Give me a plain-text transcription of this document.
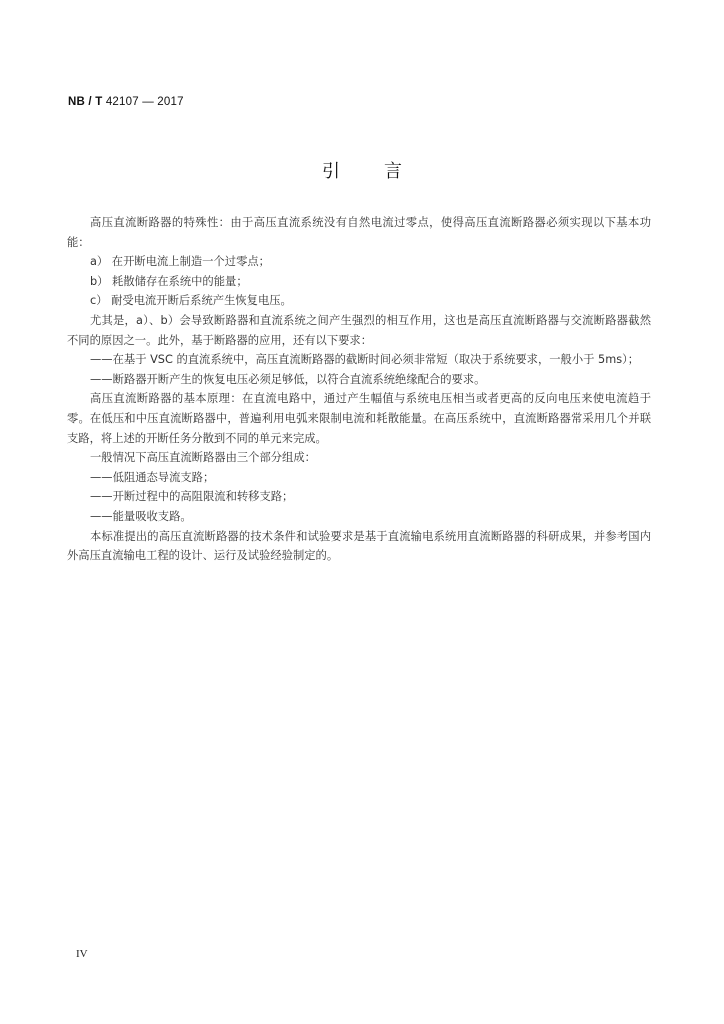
NB / T 42107 — 2017
引 言

高压直流断路器的特殊性：由于高压直流系统没有自然电流过零点，使得高压直流断路器必须实现以下基本功能：

a） 在开断电流上制造一个过零点；

b） 耗散储存在系统中的能量；

c） 耐受电流开断后系统产生恢复电压。

尤其是，a）、b）会导致断路器和直流系统之间产生强烈的相互作用，这也是高压直流断路器与交流断路器截然不同的原因之一。此外，基于断路器的应用，还有以下要求：

——在基于 VSC 的直流系统中，高压直流断路器的截断时间必须非常短（取决于系统要求，一般小于 5ms）；

——断路器开断产生的恢复电压必须足够低，以符合直流系统绝缘配合的要求。

高压直流断路器的基本原理：在直流电路中，通过产生幅值与系统电压相当或者更高的反向电压来使电流趋于零。在低压和中压直流断路器中，普遍利用电弧来限制电流和耗散能量。在高压系统中，直流断路器常采用几个并联支路，将上述的开断任务分散到不同的单元来完成。

一般情况下高压直流断路器由三个部分组成：

——低阻通态导流支路；

——开断过程中的高阻限流和转移支路；

——能量吸收支路。

本标准提出的高压直流断路器的技术条件和试验要求是基于直流输电系统用直流断路器的科研成果，并参考国内外高压直流输电工程的设计、运行及试验经验制定的。

IV
